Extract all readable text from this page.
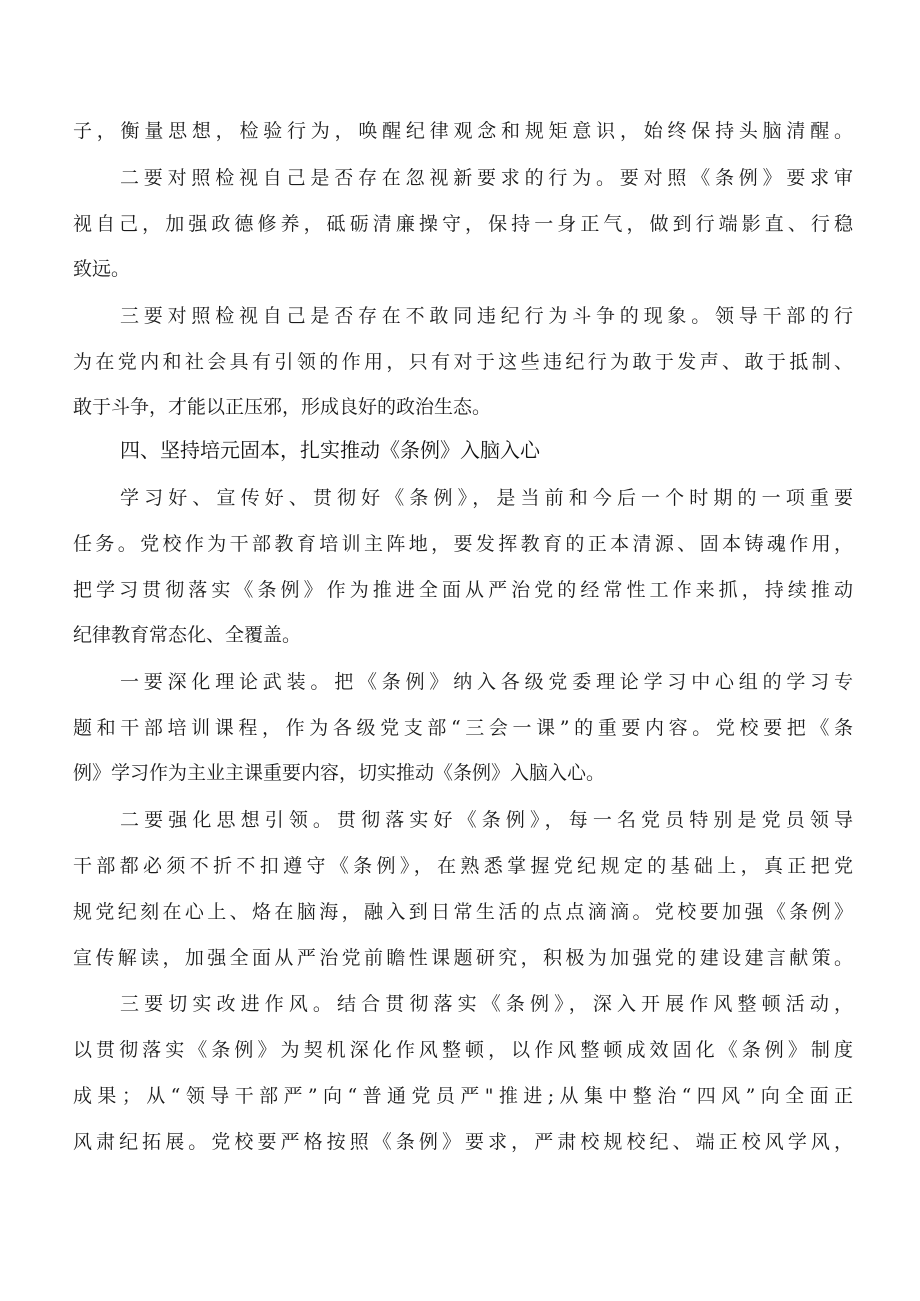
子，衡量思想，检验行为，唤醒纪律观念和规矩意识，始终保持头脑清醒。
二要对照检视自己是否存在忽视新要求的行为。要对照《条例》要求审
视自己，加强政德修养，砥砺清廉操守，保持一身正气，做到行端影直、行稳
致远。
三要对照检视自己是否存在不敢同违纪行为斗争的现象。领导干部的行
为在党内和社会具有引领的作用，只有对于这些违纪行为敢于发声、敢于抵制、
敢于斗争，才能以正压邪，形成良好的政治生态。
四、坚持培元固本，扎实推动《条例》入脑入心
学习好、宣传好、贯彻好《条例》，是当前和今后一个时期的一项重要
任务。党校作为干部教育培训主阵地，要发挥教育的正本清源、固本铸魂作用，
把学习贯彻落实《条例》作为推进全面从严治党的经常性工作来抓，持续推动
纪律教育常态化、全覆盖。
一要深化理论武装。把《条例》纳入各级党委理论学习中心组的学习专
题和干部培训课程，作为各级党支部“三会一课”的重要内容。党校要把《条
例》学习作为主业主课重要内容，切实推动《条例》入脑入心。
二要强化思想引领。贯彻落实好《条例》，每一名党员特别是党员领导
干部都必须不折不扣遵守《条例》，在熟悉掌握党纪规定的基础上，真正把党
规党纪刻在心上、烙在脑海，融入到日常生活的点点滴滴。党校要加强《条例》
宣传解读，加强全面从严治党前瞻性课题研究，积极为加强党的建设建言献策。
三要切实改进作风。结合贯彻落实《条例》，深入开展作风整顿活动，
以贯彻落实《条例》为契机深化作风整顿，以作风整顿成效固化《条例》制度
成果；从“领导干部严”向“普通党员严"推进;从集中整治“四风”向全面正
风肃纪拓展。党校要严格按照《条例》要求，严肃校规校纪、端正校风学风，
